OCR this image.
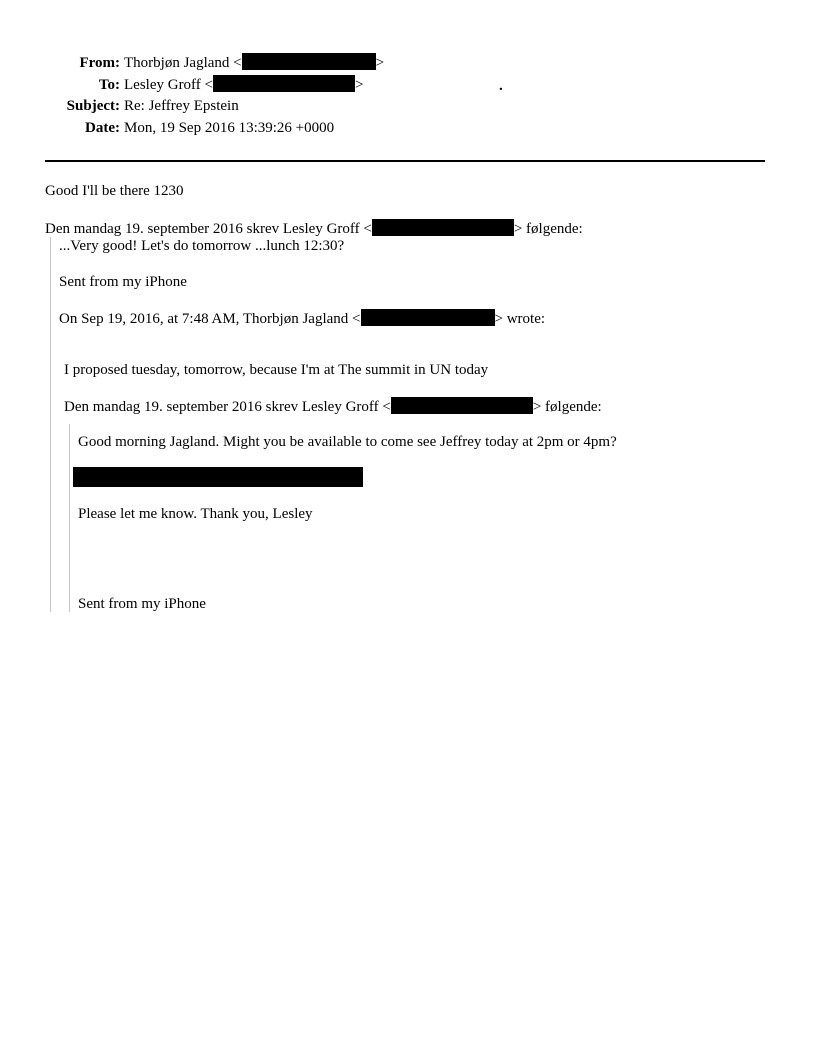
From: Thorbjøn Jagland <	>
To: Lesley Groff <	>
Subject: Re: Jeffrey Epstein
Date: Mon, 19 Sep 2016 13:39:26 +0000
.
Good I'll be there 1230
Den mandag 19. september 2016 skrev Lesley Groff <	> følgende:
...Very good! Let's do tomorrow ...lunch 12:30?
Sent from my iPhone
On Sep 19, 2016, at 7:48 AM, Thorbjøn Jagland <	> wrote:
I proposed tuesday, tomorrow, because I'm at The summit in UN today
Den mandag 19. september 2016 skrev Lesley Groff <	> følgende:
Good morning Jagland. Might you be available to come see Jeffrey today at 2pm or 4pm?
Please let me know. Thank you, Lesley
Sent from my iPhone
